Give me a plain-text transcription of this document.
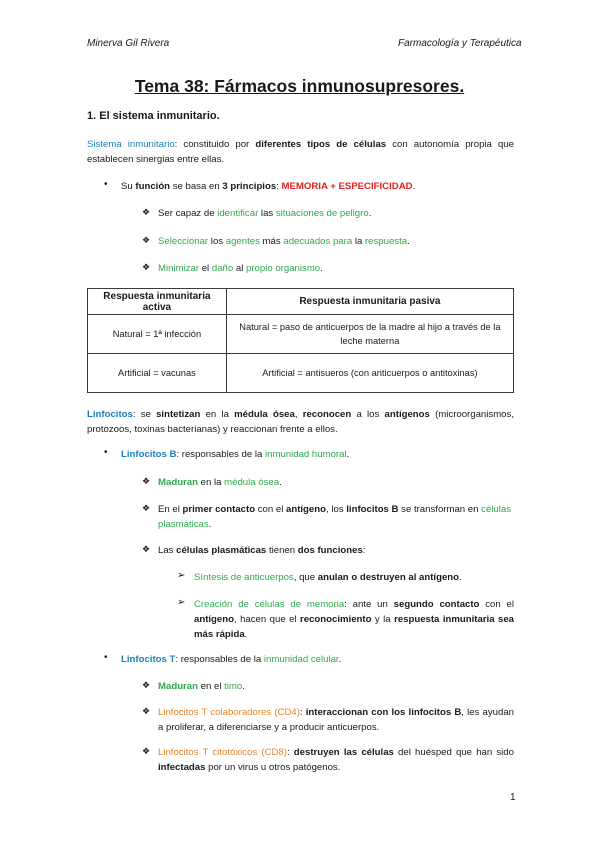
Minerva Gil Rivera	Farmacología y Terapéutica
Tema 38: Fármacos inmunosupresores.
1. El sistema inmunitario.
Sistema inmunitario: constituido por diferentes tipos de células con autonomía propia que establecen sinergias entre ellas.
• Su función se basa en 3 principios: MEMORIA + ESPECIFICIDAD.
❖ Ser capaz de identificar las situaciones de peligro.
❖ Seleccionar los agentes más adecuados para la respuesta.
❖ Minimizar el daño al propio organismo.
Respuesta inmunitaria activa	Respuesta inmunitaria pasiva
Natural = 1ª infección	Natural = paso de anticuerpos de la madre al hijo a través de la leche materna
Artificial = vacunas	Artificial = antisueros (con anticuerpos o antitoxinas)
Linfocitos: se sintetizan en la médula ósea, reconocen a los antígenos (microorganismos, protozoos, toxinas bacterianas) y reaccionan frente a ellos.
• Linfocitos B: responsables de la inmunidad humoral.
❖ Maduran en la médula ósea.
❖ En el primer contacto con el antígeno, los linfocitos B se transforman en células plasmáticas.
❖ Las células plasmáticas tienen dos funciones:
➢ Síntesis de anticuerpos, que anulan o destruyen al antígeno.
➢ Creación de células de memoria: ante un segundo contacto con el antígeno, hacen que el reconocimiento y la respuesta inmunitaria sea más rápida.
• Linfocitos T: responsables de la inmunidad celular.
❖ Maduran en el timo.
❖ Linfocitos T colaboradores (CD4): interaccionan con los linfocitos B, les ayudan a proliferar, a diferenciarse y a producir anticuerpos.
❖ Linfocitos T citotóxicos (CD8): destruyen las células del huésped que han sido infectadas por un virus u otros patógenos.
1
